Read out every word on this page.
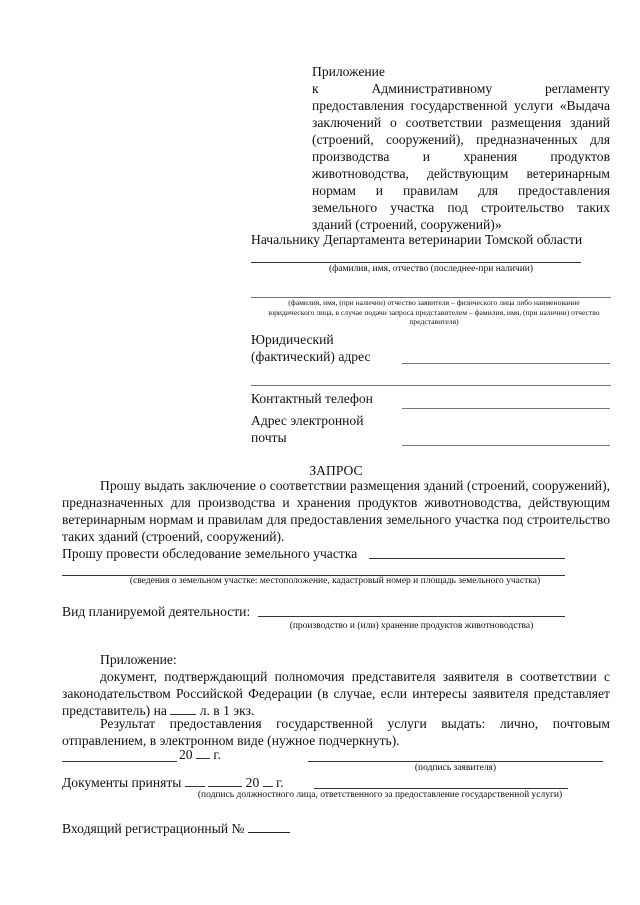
Приложение
к Административному регламенту
предоставления государственной услуги «Выдача заключений о соответствии размещения зданий (строений, сооружений), предназначенных для производства и хранения продуктов животноводства, действующим ветеринарным нормам и правилам для предоставления земельного участка под строительство таких зданий (строений, сооружений)»
Начальнику Департамента ветеринарии Томской области
(фамилия, имя, отчество (последнее-при наличии)
(фамилия, имя, (при наличии) отчество заявителя – физического лица либо наименование юридического лица, в случае подачи запроса представителем – фамилия, имя, (при наличии) отчество представителя)
Юридический
(фактический) адрес
Контактный телефон
Адрес электронной
почты
ЗАПРОС
Прошу выдать заключение о соответствии размещения зданий (строений, сооружений), предназначенных для производства и хранения продуктов животноводства, действующим ветеринарным нормам и правилам для предоставления земельного участка под строительство таких зданий (строений, сооружений).
Прошу провести обследование земельного участка
(сведения о земельном участке: местоположение, кадастровый номер и площадь земельного участка)
Вид планируемой деятельности:
(производство и (или) хранение продуктов животноводства)
Приложение:
документ, подтверждающий полномочия представителя заявителя в соответствии с законодательством Российской Федерации (в случае, если интересы заявителя представляет представитель) на л. в 1 экз.
Результат предоставления государственной услуги выдать: лично, почтовым отправлением, в электронном виде (нужное подчеркнуть).
20 г.
(подпись заявителя)
Документы приняты	20 г.
(подпись должностного лица, ответственного за предоставление государственной услуги)
Входящий регистрационный №
